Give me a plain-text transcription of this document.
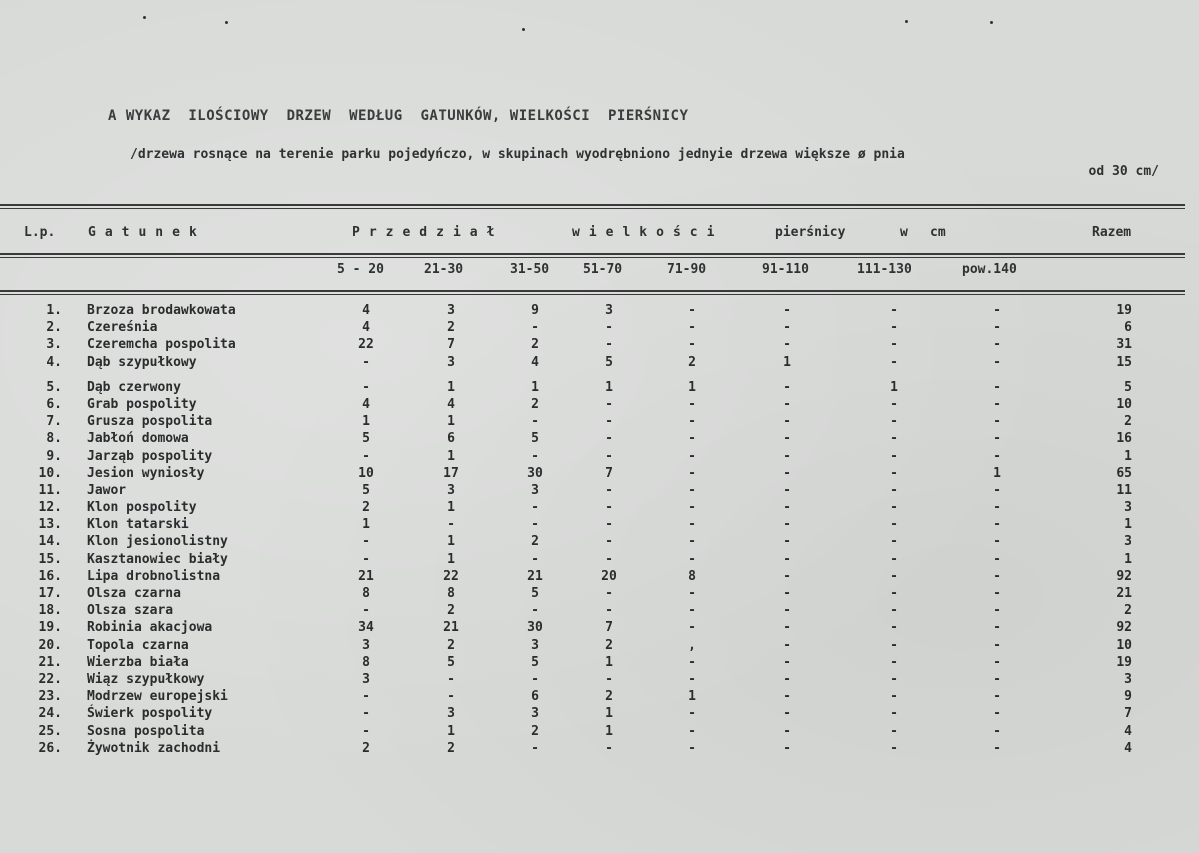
A WYKAZ  ILOŚCIOWY  DRZEW  WEDŁUG  GATUNKÓW, WIELKOŚCI  PIERŚNICY
/drzewa rosnące na terenie parku pojedyńczo, w skupinach wyodrębniono jednyie drzewa większe ø pnia
od 30 cm/
L.p.	Gatunek	Przedział	wielkości	pierśnicy	w cm	Razem
5 - 20	21-30	31-50	51-70	71-90	91-110	111-130	pow.140
1. Brzoza brodawkowata	4	3	9	3	-	-	-	-	19
2. Czereśnia	4	2	-	-	-	-	-	-	6
3. Czeremcha pospolita	22	7	2	-	-	-	-	-	31
4. Dąb szypułkowy	-	3	4	5	2	1	-	-	15
5. Dąb czerwony	-	1	1	1	1	-	1	-	5
6. Grab pospolity	4	4	2	-	-	-	-	-	10
7. Grusza pospolita	1	1	-	-	-	-	-	-	2
8. Jabłoń domowa	5	6	5	-	-	-	-	-	16
9. Jarząb pospolity	-	1	-	-	-	-	-	-	1
10. Jesion wyniosły	10	17	30	7	-	-	-	1	65
11. Jawor	5	3	3	-	-	-	-	-	11
12. Klon pospolity	2	1	-	-	-	-	-	-	3
13. Klon tatarski	1	-	-	-	-	-	-	-	1
14. Klon jesionolistny	-	1	2	-	-	-	-	-	3
15. Kasztanowiec biały	-	1	-	-	-	-	-	-	1
16. Lipa drobnolistna	21	22	21	20	8	-	-	-	92
17. Olsza czarna	8	8	5	-	-	-	-	-	21
18. Olsza szara	-	2	-	-	-	-	-	-	2
19. Robinia akacjowa	34	21	30	7	-	-	-	-	92
20. Topola czarna	3	2	3	2	,	-	-	-	10
21. Wierzba biała	8	5	5	1	-	-	-	-	19
22. Wiąz szypułkowy	3	-	-	-	-	-	-	-	3
23. Modrzew europejski	-	-	6	2	1	-	-	-	9
24. Świerk pospolity	-	3	3	1	-	-	-	-	7
25. Sosna pospolita	-	1	2	1	-	-	-	-	4
26. Żywotnik zachodni	2	2	-	-	-	-	-	-	4
